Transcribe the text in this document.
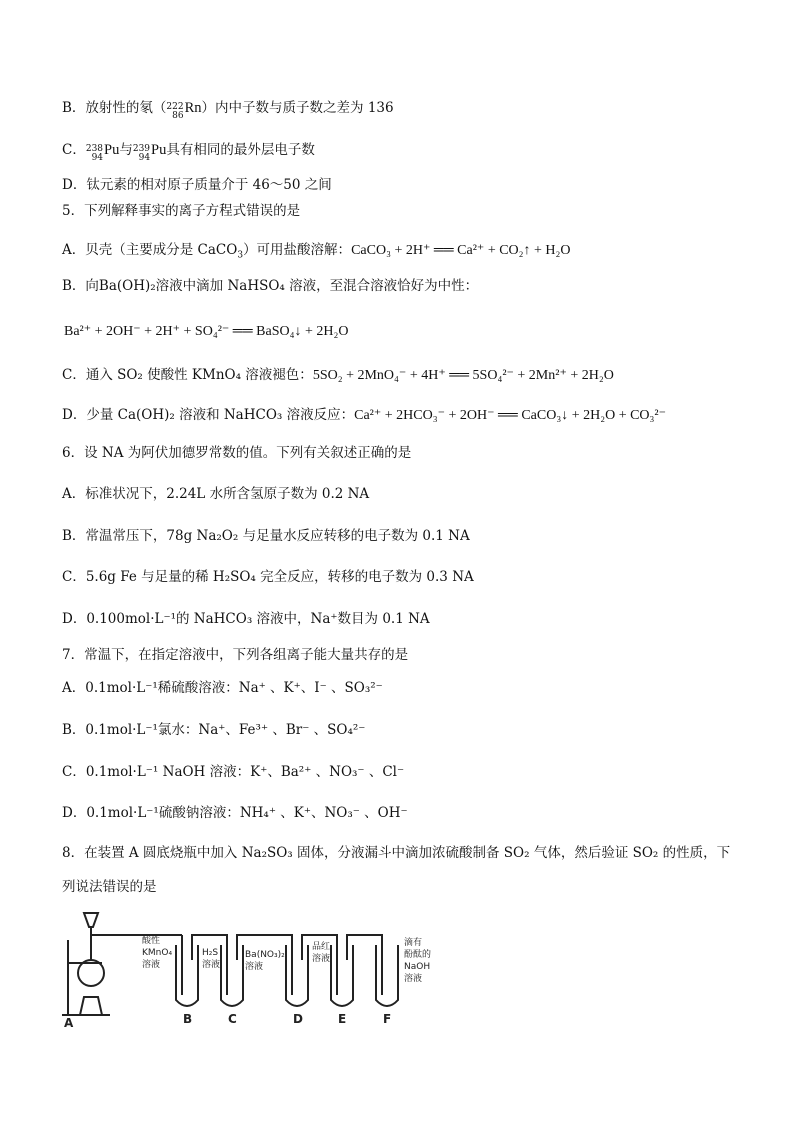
B．放射性的氡（ 222
86 Rn）内中子数与质子数之差为 136
C． 238
94 Pu与 239
94 Pu具有相同的最外层电子数
D．钛元素的相对原子质量介于 46～50 之间
5．下列解释事实的离子方程式错误的是
A．贝壳（主要成分是 CaCO$_3$）可用盐酸溶解：CaCO₃ + 2H⁺ ══ Ca²⁺ + CO₂↑ + H₂O
B．向Ba(OH)₂溶液中滴加 NaHSO₄ 溶液，至混合溶液恰好为中性：
Ba²⁺ + 2OH⁻ + 2H⁺ + SO₄²⁻ ══ BaSO₄↓ + 2H₂O
C．通入 SO₂ 使酸性 KMnO₄ 溶液褪色：5SO₂ + 2MnO₄⁻ + 4H⁺ ══ 5SO₄²⁻ + 2Mn²⁺ + 2H₂O
D．少量 Ca(OH)₂ 溶液和 NaHCO₃ 溶液反应：Ca²⁺ + 2HCO₃⁻ + 2OH⁻ ══ CaCO₃↓ + 2H₂O + CO₃²⁻
6．设 NA 为阿伏加德罗常数的值。下列有关叙述正确的是
A．标准状况下，2.24L 水所含氢原子数为 0.2 NA
B．常温常压下，78g Na₂O₂ 与足量水反应转移的电子数为 0.1 NA
C．5.6g Fe 与足量的稀 H₂SO₄ 完全反应，转移的电子数为 0.3 NA
D．0.100mol·L⁻¹的 NaHCO₃ 溶液中，Na⁺数目为 0.1 NA
7．常温下，在指定溶液中，下列各组离子能大量共存的是
A．0.1mol·L⁻¹稀硫酸溶液：Na⁺ 、K⁺、I⁻ 、SO₃²⁻
B．0.1mol·L⁻¹氯水：Na⁺、Fe³⁺ 、Br⁻ 、SO₄²⁻
C．0.1mol·L⁻¹ NaOH 溶液：K⁺、Ba²⁺ 、NO₃⁻ 、Cl⁻
D．0.1mol·L⁻¹硫酸钠溶液：NH₄⁺ 、K⁺、NO₃⁻ 、OH⁻
8．在装置 A 圆底烧瓶中加入 Na₂SO₃ 固体，分液漏斗中滴加浓硫酸制备 SO₂ 气体，然后验证 SO₂ 的性质，下
列说法错误的是
酸性
KMnO₄
溶液
H₂S
溶液
Ba(NO₃)₂
溶液
品红
溶液
滴有
酚酞的
NaOH
溶液
A	B	C	D	E	F
